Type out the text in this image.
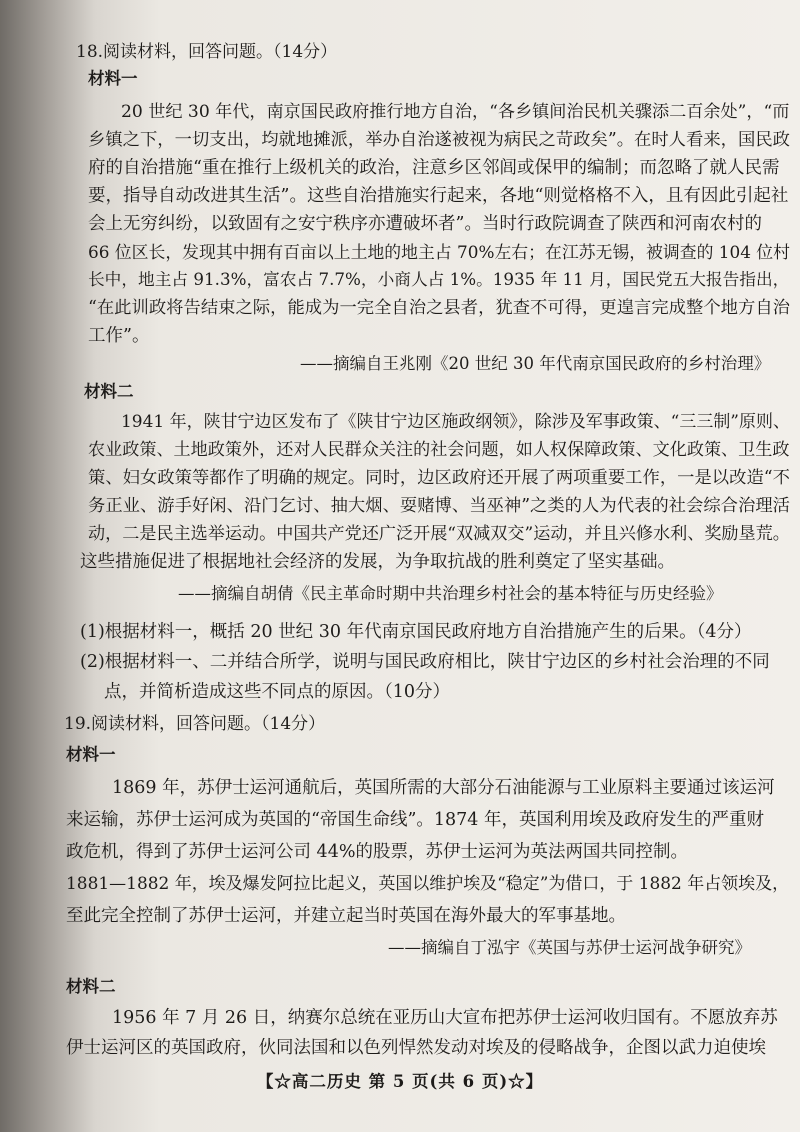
18.阅读材料，回答问题。（14分）
材料一
20 世纪 30 年代，南京国民政府推行地方自治，“各乡镇间治民机关骤添二百余处”，“而
乡镇之下，一切支出，均就地摊派，举办自治遂被视为病民之苛政矣”。在时人看来，国民政
府的自治措施“重在推行上级机关的政治，注意乡区邻闾或保甲的编制；而忽略了就人民需
要，指导自动改进其生活”。这些自治措施实行起来，各地“则觉格格不入，且有因此引起社
会上无穷纠纷，以致固有之安宁秩序亦遭破坏者”。当时行政院调查了陕西和河南农村的
66 位区长，发现其中拥有百亩以上土地的地主占 70%左右；在江苏无锡，被调查的 104 位村
长中，地主占 91.3%，富农占 7.7%，小商人占 1%。1935 年 11 月，国民党五大报告指出，
“在此训政将告结束之际，能成为一完全自治之县者，犹查不可得，更遑言完成整个地方自治
工作”。
——摘编自王兆刚《20 世纪 30 年代南京国民政府的乡村治理》
材料二
1941 年，陕甘宁边区发布了《陕甘宁边区施政纲领》，除涉及军事政策、“三三制”原则、
农业政策、土地政策外，还对人民群众关注的社会问题，如人权保障政策、文化政策、卫生政
策、妇女政策等都作了明确的规定。同时，边区政府还开展了两项重要工作，一是以改造“不
务正业、游手好闲、沿门乞讨、抽大烟、耍赌博、当巫神”之类的人为代表的社会综合治理活
动，二是民主选举运动。中国共产党还广泛开展“双减双交”运动，并且兴修水利、奖励垦荒。
这些措施促进了根据地社会经济的发展，为争取抗战的胜利奠定了坚实基础。
——摘编自胡倩《民主革命时期中共治理乡村社会的基本特征与历史经验》
(1)根据材料一，概括 20 世纪 30 年代南京国民政府地方自治措施产生的后果。（4分）
(2)根据材料一、二并结合所学，说明与国民政府相比，陕甘宁边区的乡村社会治理的不同
点，并简析造成这些不同点的原因。（10分）
19.阅读材料，回答问题。（14分）
材料一
1869 年，苏伊士运河通航后，英国所需的大部分石油能源与工业原料主要通过该运河
来运输，苏伊士运河成为英国的“帝国生命线”。1874 年，英国利用埃及政府发生的严重财
政危机，得到了苏伊士运河公司 44%的股票，苏伊士运河为英法两国共同控制。
1881—1882 年，埃及爆发阿拉比起义，英国以维护埃及“稳定”为借口，于 1882 年占领埃及，
至此完全控制了苏伊士运河，并建立起当时英国在海外最大的军事基地。
——摘编自丁泓宇《英国与苏伊士运河战争研究》
材料二
1956 年 7 月 26 日，纳赛尔总统在亚历山大宣布把苏伊士运河收归国有。不愿放弃苏
伊士运河区的英国政府，伙同法国和以色列悍然发动对埃及的侵略战争，企图以武力迫使埃
【☆高二历史 第 5 页(共 6 页)☆】
